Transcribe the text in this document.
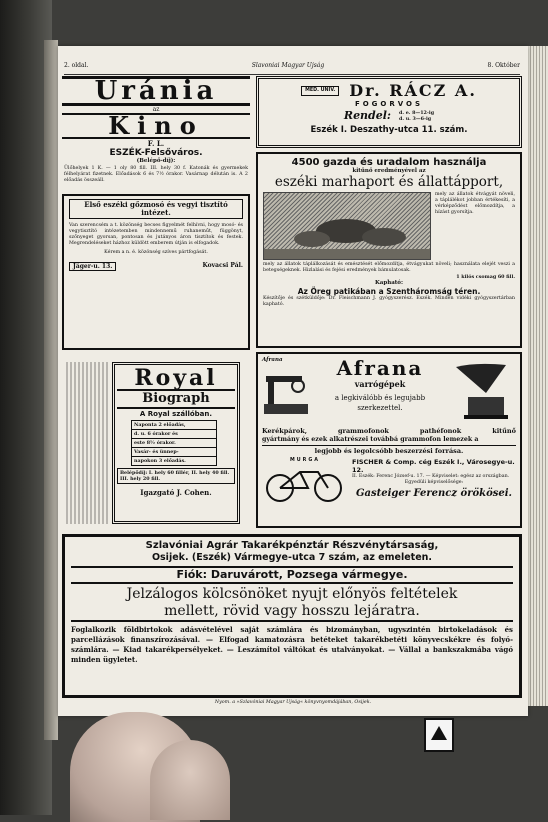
2. oldal.	Slavoniai Magyar Ujság	8. Október
Uránia
az
Kino
F. L.
ESZÉK-Felsőváros.
(Belépő-díj):
Ülőhelyek 1 K. — 1 oly 80 fill. III. hely 30 f. Katonák és gyermekek félhelyárat fizetnek. Előadások 6 és 7½ órakor. Vasárnap délután is. A 2 előadás összeáll.
Első eszéki gőzmosó és vegyi tisztító intézet.
Van szerencsém a t. közönség becses figyelmét felhívni, hogy mosó- és vegytisztító intézetemben mindennemű ruhaneműt, függönyt, szőnyeget gyorsan, pontosan és jutányos áron tisztítok és festek. Megrendeléseket házhoz küldött emberem útján is elfogadok.
Kérem a n. é. közönség szíves pártfogását.
Jäger-u. 13.	Kovacsi Pál.
Royal
Biograph
A Royal szállóban.
Naponta 2 előadás,
d. u. 6 órakor és
este 8½ órakor.
Vasár- és ünnep-
napokon 3 előadás.
Belépődíj: I. hely 60 fillér, II. hely 40 fill. III. hely 20 fill.
Igazgató J. Cohen.
MED. UNIV. Dr. RÁCZ A.
FOGORVOS
Rendel: d. e. 8—12-ig
d. u. 3—6-ig
Eszék I. Deszathy-utca 11. szám.
4500 gazda és uradalom használja
kitűnő eredményével az
eszéki marhaport és állattápport,
mely az állatok étvágyát növeli, a táplálékot jobban értékesíti, a vérképződést előmozdítja, a hízást gyorsítja.
mely az állatok táplálkozását és emésztését előmozdítja, étvágyukat növeli; használata elejét veszi a betegségeknek. Hizlalási és fejési eredmények bámulatosak.
1 kilós csomag 60 fill.
Kapható:
Az Öreg patikában a Szentháromság téren.
Készítője és szétküldője: Dr. Fleischmann J. gyógyszerész. Eszék. Minden vidéki gyógyszertárban kapható.
Afrana	Afrana
varrógépek
a legkiválóbb és legujabb szerkezettel.
Kerékpárok,	grammofonok	pathéfonok	kitűnő
gyártmány és ezek alkatrészei továbbá grammofon lemezek a
legjobb és legolcsóbb beszerzési forrása.
MURGA	FISCHER & Comp. cég Eszék I., Városegye-u. 12.
II. Eszék: Ferenc József-u. 17. — Képviselet: egész az országban.
Egyedüli képviselősége:
Gasteiger Ferencz örökösei.
Szlavóniai Agrár Takarékpénztár Részvénytársaság,
Osijek. (Eszék) Vármegye-utca 7 szám, az emeleten.
Fiók: Daruvárott, Pozsega vármegye.
Jelzálogos kölcsönöket nyujt előnyös feltételek
mellett, rövid vagy hosszu lejáratra.
Foglalkozik földbirtokok adásvételével saját számlára és bizományban, ugyszintén birtokeladások és parcellázások finanszírozásával. — Elfogad kamatozásra betéteket takarékbetéti könyvecskékre és folyó-számlára. — Kiad takarékpersélyeket. — Leszámítol váltókat és utalványokat. — Vállal a bankszakmába vágó minden ügyletet.
Nyom. a »Szlavóniai Magyar Ujság« könyvnyomdájában, Osijek.
